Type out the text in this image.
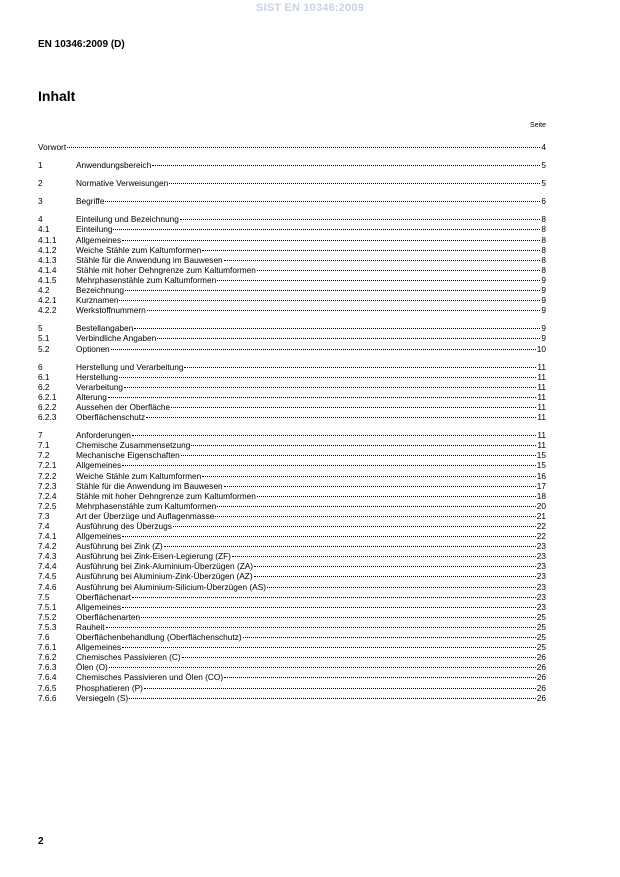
SIST EN 10346:2009
EN 10346:2009 (D)
Inhalt
Seite
Vorwort	4
1	Anwendungsbereich	5
2	Normative Verweisungen	5
3	Begriffe	6
4	Einteilung und Bezeichnung	8
4.1	Einteilung	8
4.1.1	Allgemeines	8
4.1.2	Weiche Stähle zum Kaltumformen	8
4.1.3	Stähle für die Anwendung im Bauwesen	8
4.1.4	Stähle mit hoher Dehngrenze zum Kaltumformen	8
4.1.5	Mehrphasenstähle zum Kaltumformen	9
4.2	Bezeichnung	9
4.2.1	Kurznamen	9
4.2.2	Werkstoffnummern	9
5	Bestellangaben	9
5.1	Verbindliche Angaben	9
5.2	Optionen	10
6	Herstellung und Verarbeitung	11
6.1	Herstellung	11
6.2	Verarbeitung	11
6.2.1	Alterung	11
6.2.2	Aussehen der Oberfläche	11
6.2.3	Oberflächenschutz	11
7	Anforderungen	11
7.1	Chemische Zusammensetzung	11
7.2	Mechanische Eigenschaften	15
7.2.1	Allgemeines	15
7.2.2	Weiche Stähle zum Kaltumformen	16
7.2.3	Stähle für die Anwendung im Bauwesen	17
7.2.4	Stähle mit hoher Dehngrenze zum Kaltumformen	18
7.2.5	Mehrphasenstähle zum Kaltumformen	20
7.3	Art der Überzüge und Auflagenmasse	21
7.4	Ausführung des Überzugs	22
7.4.1	Allgemeines	22
7.4.2	Ausführung bei Zink (Z)	23
7.4.3	Ausführung bei Zink-Eisen-Legierung (ZF)	23
7.4.4	Ausführung bei Zink-Aluminium-Überzügen (ZA)	23
7.4.5	Ausführung bei Aluminium-Zink-Überzügen (AZ)	23
7.4.6	Ausführung bei Aluminium-Silicium-Überzügen (AS)	23
7.5	Oberflächenart	23
7.5.1	Allgemeines	23
7.5.2	Oberflächenarten	25
7.5.3	Rauheit	25
7.6	Oberflächenbehandlung (Oberflächenschutz)	25
7.6.1	Allgemeines	25
7.6.2	Chemisches Passivieren (C)	26
7.6.3	Ölen (O)	26
7.6.4	Chemisches Passivieren und Ölen (CO)	26
7.6.5	Phosphatieren (P)	26
7.6.6	Versiegeln (S)	26
2
